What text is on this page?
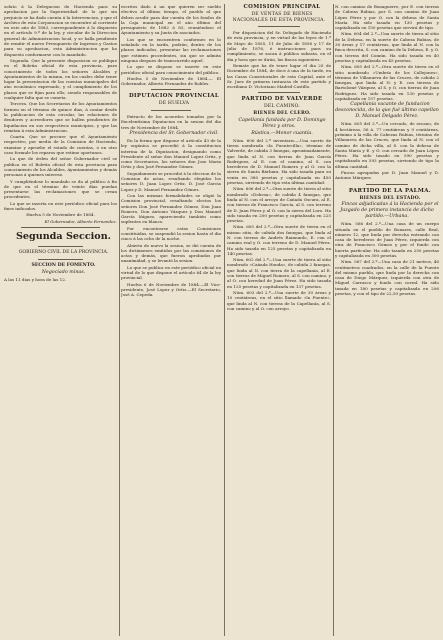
soluto á la Delegacion de Hacienda para su aprobacion por la Superioridad: de lo que sin perjuicio se ha dado cuenta á la Intervencion, y que el Archivo de esta Corporacion se encuentre al corriente en este año de 1883, correspondiente á lo dispuesto en el artículo 9.º de la ley, y circular de la Direccion general de Administracion local, y se halla pendiente de remitir el nuevo Presupuesto de Ingresos y Gastos para su aprobacion, esta Administracion que ha dispuesto conformarse con lo mandado.

Segunda. Que la presente disposicion se publique en el Boletin oficial de esta provincia, para conocimiento de todos los señores Alcaldes y Ayuntamientos de la misma, en los cuales debe tener lugar la presentacion de las cuentas municipales del año económico expresado, y el cumplimiento de los plazos que se fijan para ello, siendo responsables de cualquier falta que se cometa.

Tercera. Que los Secretarios de los Ayuntamientos formen en el término de quince dias, á contar desde la publicacion de esta circular, las relaciones de deudores y acreedores que se hallen pendientes de liquidacion en sus respectivos municipios, y que las remitan á esta Administracion.

Cuarta. Que se procure que el Ayuntamiento respectivo, por medio de la Comision de Hacienda, examine y apruebe el estado de cuentas, ó en otro caso formule los reparos que estime oportunos.

Lo que de órden del señor Gobernador civil se publica en el Boletin oficial de esta provincia para conocimiento de los Alcaldes, Ayuntamientos y demás personas á quienes interese.

Y cumpliéndose lo mandado se da al público á fin de que en el término de veinte dias puedan presentarse las reclamaciones que se crean procedentes.

Lo que se inserta en este periódico oficial para los fines indicados.

Huelva 5 de Noviembre de 1884.

El Gobernador, Alberto Fernandez.

Segunda Seccion.

GOBIERNO CIVIL DE LA PROVINCIA.

SECCION DE FOMENTO.

Negociado minas.

A las 11 dias y hora de las 12.

escritos dado á un que quieren ser sueldo electivo al último tiempo, el pueblo al que deben acudir para dar cuenta de los fondos de la Caja municipal en el año último del presupuesto de 1882 á 83, reuniéndose el Ayuntamiento y su Junta de asociados.

Los que se encuentren conformes en lo señalado en la tarifa, podrán, dentro de los plazos indicados, presentar las reclamaciones que estimen procedentes, sin que se admita ninguna despues de transcurrido aquel.

Lo que se dispone se inserte en este periódico oficial para conocimiento del público.

Huelva 5 de Noviembre de 1884.— El Gobernador, Alberto Fernandez de Robles.

DIPUTACION PROVINCIAL

DE HUELVA

Extracto de los acuerdos tomados por la Excelentísima Diputacion en la sesion del dia tres de Noviembre de 1884.

Presidencia del Sr. Gobernador civil.

En la forma que dispone el artículo 43 de la ley orgánica se procedió á la constitucion interina de la Diputacion, designando como Presidente al señor don Manuel Lopez Ortiz, y como Secretarios, los señores don Jose Maria Ortiz y don José Fernandez Gómez.

Seguidamente se procedió á la eleccion de la Comision de actas, resultando elegidos los señores D. Juan Lopez Ortiz, D. José Garcia Lopez y D. Manuel Fernandez Gómez.

Con las mismas formalidades se eligió la Comision provincial, resultando electos los señores Don José Fernandez Gómez, Don Juan Romero, Don Antonio Vázquez y Don Manuel García Iñiguez, apareciendo también como suplentes en blanco.

Por encontrarse estas Comisiones constituidas, se suspendió la sesion hasta el dia cinco á las ocho de la noche.

Abierta de nuevo la sesion, se dió cuenta de los dictámenes emitidos por las comisiones de actas y demás, que fueron aprobados por unanimidad, y se levantó la sesion.

Lo que se publica en este periódico oficial en virtud de lo que dispone el artículo 64 de la ley provincial.

Huelva 6 de Noviembre de 1884.—El Vice-presidente, José Lopez y Ortiz.—El Secretario, José A. Cepeda.

COMISION PRINCIPAL

DE VENTAS DE BIENES NACIONALES DE ESTA PROVINCIA.

Por disposicion del Sr. Delegado de Hacienda de esta provincia, y en virtud de las leyes de 1.º de Mayo de 1855, 11 de Julio de 1856 y 17 de Julio de 1876, é instrucciones para su cumplimiento, se sacan á pública subasta, en el dia y hora que se dirán, las fincas siguientes:

Remate que ha de tener lugar el dia 25 de Diciembre de 1884, de doce á una de la tarde, en las Casas Consistoriales de esta Capital, ante el Sr. Juez de primera instancia de este partido y escribano D. Victoriano Madrid Castillo.

PARTIDO DE VALVERDE

DEL CAMINO.

BIENES DEL CLERO.

Capellanía fundada por D. Domingo Pérez y otros.

Rústica.—Menor cuantía.

Núm. 606 del 2.º inventario.—Una suerte de tierra nombrada «la Fuentecilla», término de Valverde, de cabida 3 fanegas, aproximadamente, que linda al N. con tierras de Juan García Rodriguez, al E. con el camino, al S. con herederos de D. Manuel Romero y al O. con la sierra de Santa Bárbara. Ha sido tasada para su venta en 380 pesetas y capitalizada en 450 pesetas, sirviendo de tipo esta última cantidad.

Núm. 606 del 2.º—Otra suerte de tierra al sitio nombrado «Dehesa», de cabida 4 fanegas, que linda al N. con el arroyo de Cañada Oscura, al E. con tierras de Francisco García, al S. con terreno de D. Juan Pérez y al O. con la sierra del Loro. Ha sido tasada en 200 pesetas y capitalizada en 225 pesetas.

Núm. 605 del 2.º—Otra suerte de tierra en el mismo sitio, de cabida dos fanegas, que linda al N. con tierras de Andrés Raimundo, E. con el camino real y O. con terreno de D. Manuel Pérez. Ha sido tasada en 125 pesetas y capitalizada en 140 pesetas.

Núm. 602 del 2.º—Una suerte de tierra al sitio nombrado «Cañada Honda», de cabida 2 fanegas, que linda al N. con tierra de la capellanía, al E. con tierras de Miguel Romero, al S. con camino, y al O. con heredad de Juan Pérez. Ha sido tasada en 125 pesetas y capitalizada en 137 pesetas.

Núm. 603 del 2.º—Una suerte de 30 áreas y 10 centiáreas, en el sitio llamado «la Fuente», que linda al N. con tierras de la Capellanía, al S. con camino y al O. con arroyo.

N. con camino de Bonaguerre, por E. con tierras de Cabeza Rubias, por S. con camino de Juan Lópes Pérez y por O. con la dehesa de Santa María. Ha sido tasada en 130 pesetas y capitalizada en 150 pesetas que servirá de tipo.

Núm. 604 del 2.º—Una suerte de tierra al sitio de la Dehesa, en la suerte de Cabeza Rubias, de 30 áreas y 17 centiáreas, que linda al N. con la finca descrita, S. con camino de la Dehesa, E. y O. con tierras del Común. Ha sido tasada en 40 pesetas y capitalizada en 45 pesetas.

Núm. 605 del 2.º—Otra suerte de tierra en el sitio nombrado «Umbría de los Callejones», término de Villanueva de las Cruces, de cabida 2 fanegas, que linda al N. y E. con tierras de Bartolomé Vázquez, al S. y O. con tierras de Juan Rodriguez. Ha sido tasada en 130 pesetas y capitalizada en 157 pesetas.

Capellanía vacante de fundacion desconocida, de la que fué último capellan D. Manuel Delgado Pérez.

Núm. 605 del 2.º—Un cercado, de secano, de 4 hectáreas, 56 á. 77 centiáreas y 9 centiáreas, próximo á la villa de Cabezas Rubias, término de Villanueva de las Cruces, que linda al N. con el camino de dicha villa, al S. con la dehesa de Santa María y E. y O. con cercado de Juan Lópes Pérez. Ha sido tasado en 590 pesetas y capitalizado en 593 pesetas, sirviendo de tipo la última cantidad.

Fincas agrupadas por D. Juan Manuel y D. Antonio Márquez.

PARTIDO DE LA PALMA.

BIENES DEL ESTADO.

Fincas adjudicadas á la Hacienda por el Juzgado de primera instancia de dicho partido.—Urbana.

Núm. 566 del 2.º—Una casa de un cuerpo situada en el pueblo de Bonares, calle Real, número 12, que linda por derecha entrando con casa de herederos de Juan Pérez, izquierda con otra de Francisco Gómez y por el fondo con huerta particular. Ha sido tasada en 250 pesetas y capitalizada en 300 pesetas.

Núm. 567 del 2.º—Una casa de 21 metros, 46 centímetros cuadrados, en la calle de la Fuente del mismo pueblo, que linda por la derecha con casa de Diego Márquez, izquierda con otra de Miguel Carrasco y fondo con corral. Ha sido tasada en 180 pesetas y capitalizada en 206 pesetas, y con el tipo de 22,50 pesetas.
